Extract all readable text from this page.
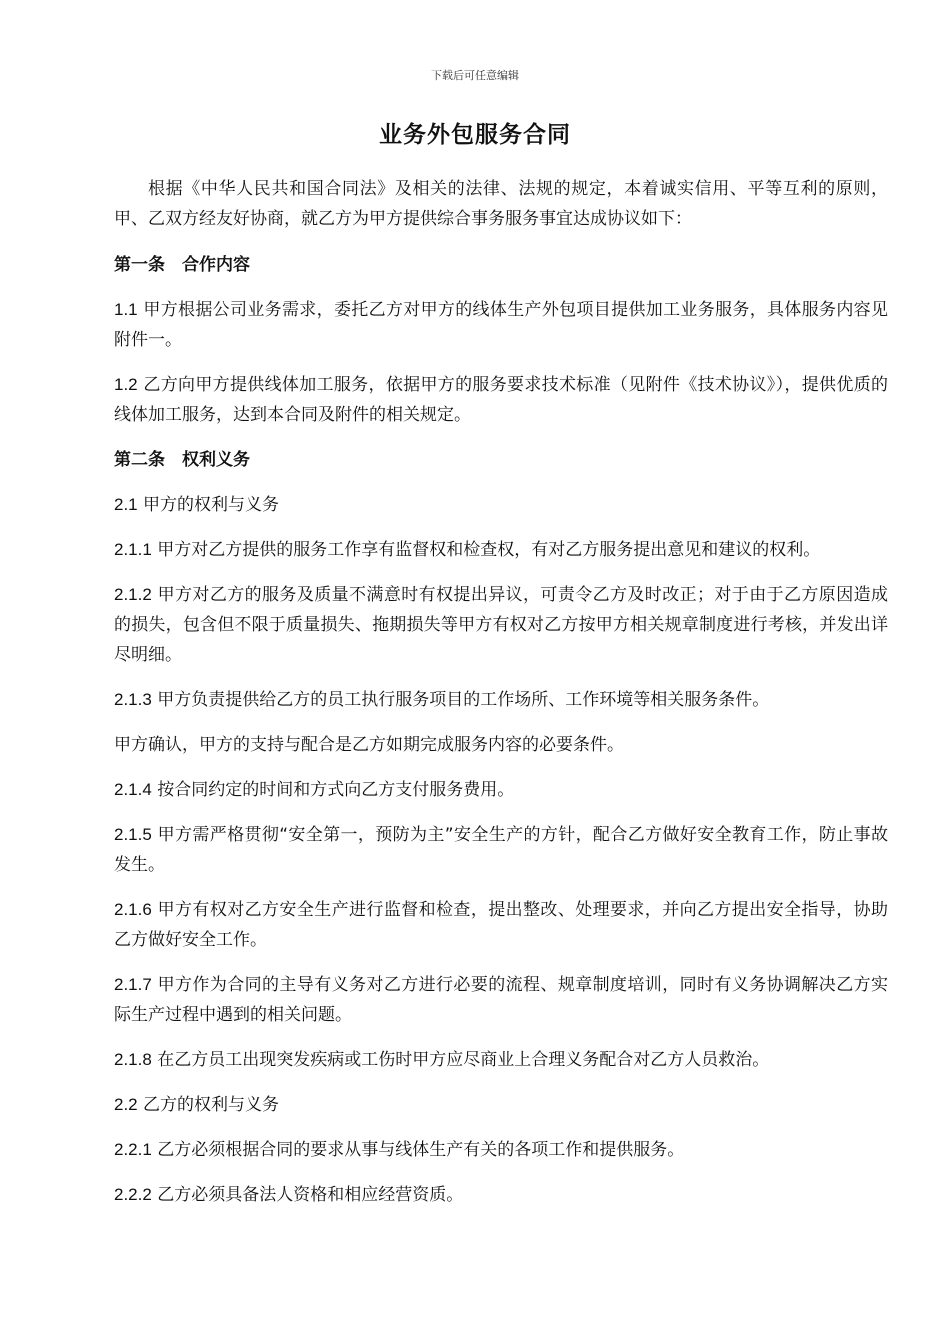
下载后可任意编辑
业务外包服务合同

根据《中华人民共和国合同法》及相关的法律、法规的规定，本着诚实信用、平等互利的原则，甲、乙双方经友好协商，就乙方为甲方提供综合事务服务事宜达成协议如下：

第一条　合作内容

1.1 甲方根据公司业务需求，委托乙方对甲方的线体生产外包项目提供加工业务服务，具体服务内容见附件一。

1.2 乙方向甲方提供线体加工服务，依据甲方的服务要求技术标准（见附件《技术协议》），提供优质的线体加工服务，达到本合同及附件的相关规定。

第二条　权利义务

2.1 甲方的权利与义务

2.1.1 甲方对乙方提供的服务工作享有监督权和检查权，有对乙方服务提出意见和建议的权利。

2.1.2 甲方对乙方的服务及质量不满意时有权提出异议，可责令乙方及时改正；对于由于乙方原因造成的损失，包含但不限于质量损失、拖期损失等甲方有权对乙方按甲方相关规章制度进行考核，并发出详尽明细。

2.1.3 甲方负责提供给乙方的员工执行服务项目的工作场所、工作环境等相关服务条件。

甲方确认，甲方的支持与配合是乙方如期完成服务内容的必要条件。

2.1.4 按合同约定的时间和方式向乙方支付服务费用。

2.1.5 甲方需严格贯彻“安全第一，预防为主”安全生产的方针，配合乙方做好安全教育工作，防止事故发生。

2.1.6 甲方有权对乙方安全生产进行监督和检查，提出整改、处理要求，并向乙方提出安全指导，协助乙方做好安全工作。

2.1.7 甲方作为合同的主导有义务对乙方进行必要的流程、规章制度培训，同时有义务协调解决乙方实际生产过程中遇到的相关问题。

2.1.8 在乙方员工出现突发疾病或工伤时甲方应尽商业上合理义务配合对乙方人员救治。

2.2 乙方的权利与义务

2.2.1 乙方必须根据合同的要求从事与线体生产有关的各项工作和提供服务。

2.2.2 乙方必须具备法人资格和相应经营资质。
